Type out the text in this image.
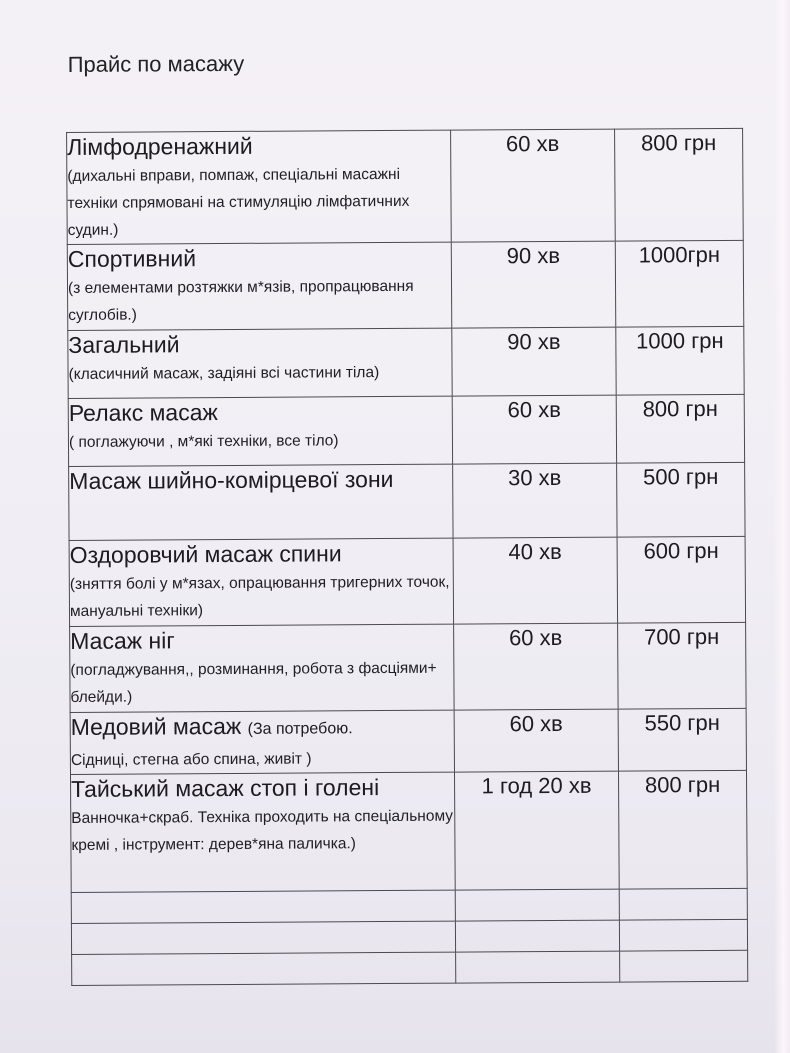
Прайс по масажу
Лімфодренажний
(дихальні вправи, помпаж, спеціальні масажні техніки спрямовані на стимуляцію лімфатичних судин.)	60 хв	800 грн

Спортивний
(з елементами розтяжки м*язів, пропрацювання суглобів.)	90 хв	1000грн

Загальний
(класичний масаж, задіяні всі частини тіла)	90 хв	1000 грн

Релакс масаж
( поглажуючи , м*які техніки, все тіло)	60 хв	800 грн

Масаж шийно-комірцевої зони	30 хв	500 грн

Оздоровчий масаж спини
(зняття болі у м*язах, опрацювання тригерних точок, мануальні техніки)	40 хв	600 грн

Масаж ніг
(погладжування,, розминання, робота з фасціями+ блейди.)	60 хв	700 грн

Медовий масаж (За потребою.
Сідниці, стегна або спина, живіт )	60 хв	550 грн

Тайський масаж стоп і голені
Ванночка+скраб. Техніка проходить на спеціальному кремі , інструмент: дерев*яна паличка.)	1 год 20 хв	800 грн
